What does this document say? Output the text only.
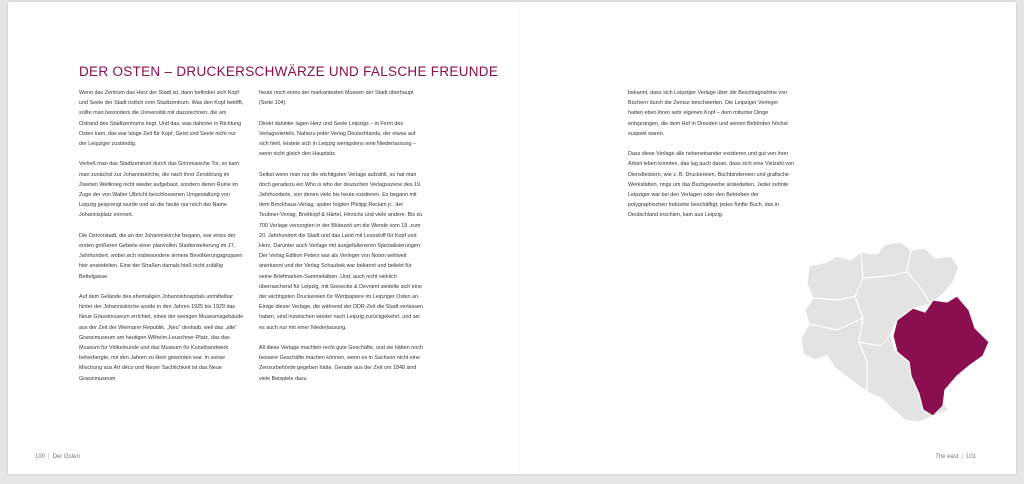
DER OSTEN – DRUCKERSCHWÄRZE UND FALSCHE FREUNDE

Wenn das Zentrum das Herz der Stadt ist, dann befinden sich Kopf und Seele der Stadt östlich vom Stadtzentrum. Was den Kopf betrifft, sollte man besonders die Universität mit dazurechnen, die am Ostrand des Stadtzentrums liegt. Und das, was dahinter in Richtung Osten kam, das war lange Zeit für Kopf, Geist und Seele nicht nur der Leipziger zuständig.

Verließ man das Stadtzentrum durch das Grimmaische Tor, so kam man zunächst zur Johanniskirche, die nach ihrer Zerstörung im Zweiten Weltkrieg nicht wieder aufgebaut, sondern deren Ruine im Zuge der von Walter Ulbricht beschlossenen Umgestaltung von Leipzig gesprengt wurde und an die heute nur noch der Name Johannisplatz erinnert.

Die Ostvorstadt, die an der Johanniskirche begann, war eines der ersten größeren Gebiete einer planvollen Stadterweiterung im 17. Jahrhundert, wobei sich insbesondere ärmere Bevölkerungsgruppen hier ansiedelten. Eine der Straßen damals hieß nicht zufällig Bettelgasse.

Auf dem Gelände des ehemaligen Johannishospitals unmittelbar hinter der Johanniskirche wurde in den Jahren 1925 bis 1929 das Neue Grassimuseum errichtet, eines der wenigen Museumsgebäude aus der Zeit der Weimarer Republik. „Neu“ deshalb, weil das „alte“ Grassimuseum am heutigen Wilhelm-Leuschner-Platz, das das Museum für Völkerkunde und das Museum für Kunsthandwerk beherbergte, mit den Jahren zu klein geworden war. In seiner Mischung aus Art déco und Neuer Sachlichkeit ist das Neue Grassimuseum

heute noch eines der markantesten Museen der Stadt überhaupt (Seite 104).

Direkt dahinter lagen Herz und Seele Leipzigs – in Form des Verlagsviertels. Nahezu jeder Verlag Deutschlands, der etwas auf sich hielt, leistete sich in Leipzig wenigstens eine Niederlassung – wenn nicht gleich den Hauptsitz.

Selbst wenn man nur die wichtigsten Verlage aufzählt, so hat man doch geradezu ein Who is who der deutschen Verlagsszene des 19. Jahrhunderts, von denen viele bis heute existieren. Es begann mit dem Brockhaus-Verlag, später folgten Philipp Reclam jr., der Teubner-Verlag, Breitkopf & Härtel, Hinrichs und viele andere. Bis zu 700 Verlage versorgten in der Blütezeit um die Wende vom 19. zum 20. Jahrhundert die Stadt und das Land mit Lesestoff für Kopf und Herz. Darunter auch Verlage mit ausgefalleneren Spezialisierungen: Der Verlag Edition Peters war als Verleger von Noten weltweit anerkannt und der Verlag Schaubek war bekannt und beliebt für seine Briefmarken-Sammelalben. Und, auch nicht wirklich überraschend für Leipzig, mit Giesecke & Devrient siedelte sich eine der wichtigsten Druckereien für Wertpapiere im Leipziger Osten an. Einige dieser Verlage, die während der DDR-Zeit die Stadt verlassen haben, sind inzwischen wieder nach Leipzig zurückgekehrt, und sei es auch nur mit einer Niederlassung.

All diese Verlage machten recht gute Geschäfte, und sie hätten noch bessere Geschäfte machen können, wenn es in Sachsen nicht eine Zensurbehörde gegeben hätte. Gerade aus der Zeit um 1848 sind viele Beispiele dazu

bekannt, dass sich Leipziger Verlage über die Beschlagnahme von Büchern durch die Zensur beschwerten. Die Leipziger Verleger hatten eben ihren sehr eigenen Kopf – dem mitunter Dinge entsprangen, die dem Hof in Dresden und seinen Behörden höchst suspekt waren.

Dass diese Verlage alle nebeneinander existieren und gut von ihrer Arbeit leben konnten, das lag auch daran, dass sich eine Vielzahl von Dienstleistern, wie z. B. Druckereien, Buchbindereien und grafische Werkstätten, rings um das Buchgewerbe ansiedelten. Jeder zehnte Leipziger war bei den Verlagen oder den Betrieben der polygraphischen Industrie beschäftigt; jedes fünfte Buch, das in Deutschland erschien, kam aus Leipzig.

100 | Der Osten	The east | 101
